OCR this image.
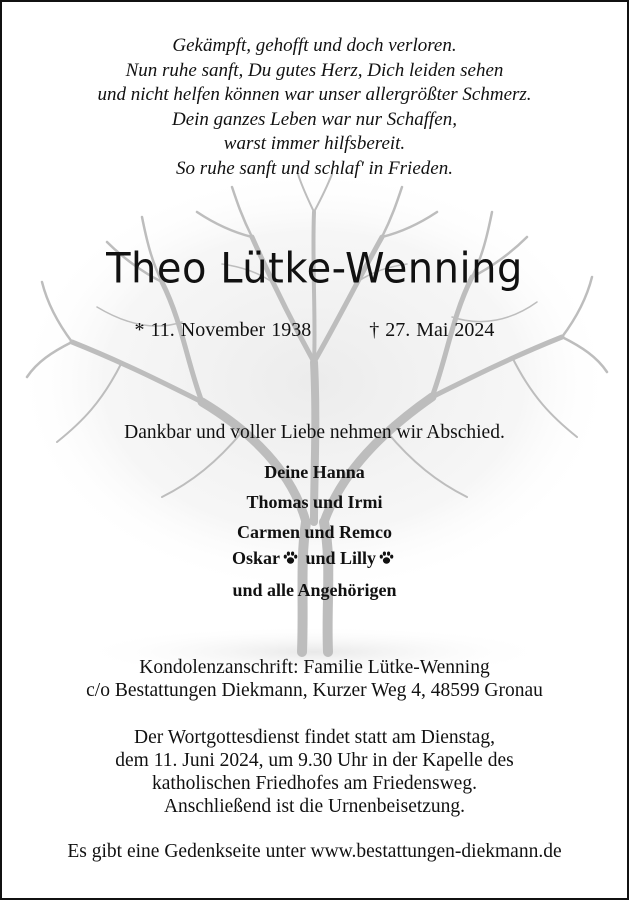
Gekämpft, gehofft und doch verloren.
Nun ruhe sanft, Du gutes Herz, Dich leiden sehen
und nicht helfen können war unser allergrößter Schmerz.
Dein ganzes Leben war nur Schaffen,
warst immer hilfsbereit.
So ruhe sanft und schlaf' in Frieden.
Theo Lütke-Wenning
* 11. November 1938	† 27. Mai 2024
Dankbar und voller Liebe nehmen wir Abschied.
Deine Hanna
Thomas und Irmi
Carmen und Remco
Oskar und Lilly
und alle Angehörigen
Kondolenzanschrift: Familie Lütke-Wenning
c/o Bestattungen Diekmann, Kurzer Weg 4, 48599 Gronau
Der Wortgottesdienst findet statt am Dienstag,
dem 11. Juni 2024, um 9.30 Uhr in der Kapelle des
katholischen Friedhofes am Friedensweg.
Anschließend ist die Urnenbeisetzung.
Es gibt eine Gedenkseite unter www.bestattungen-diekmann.de
